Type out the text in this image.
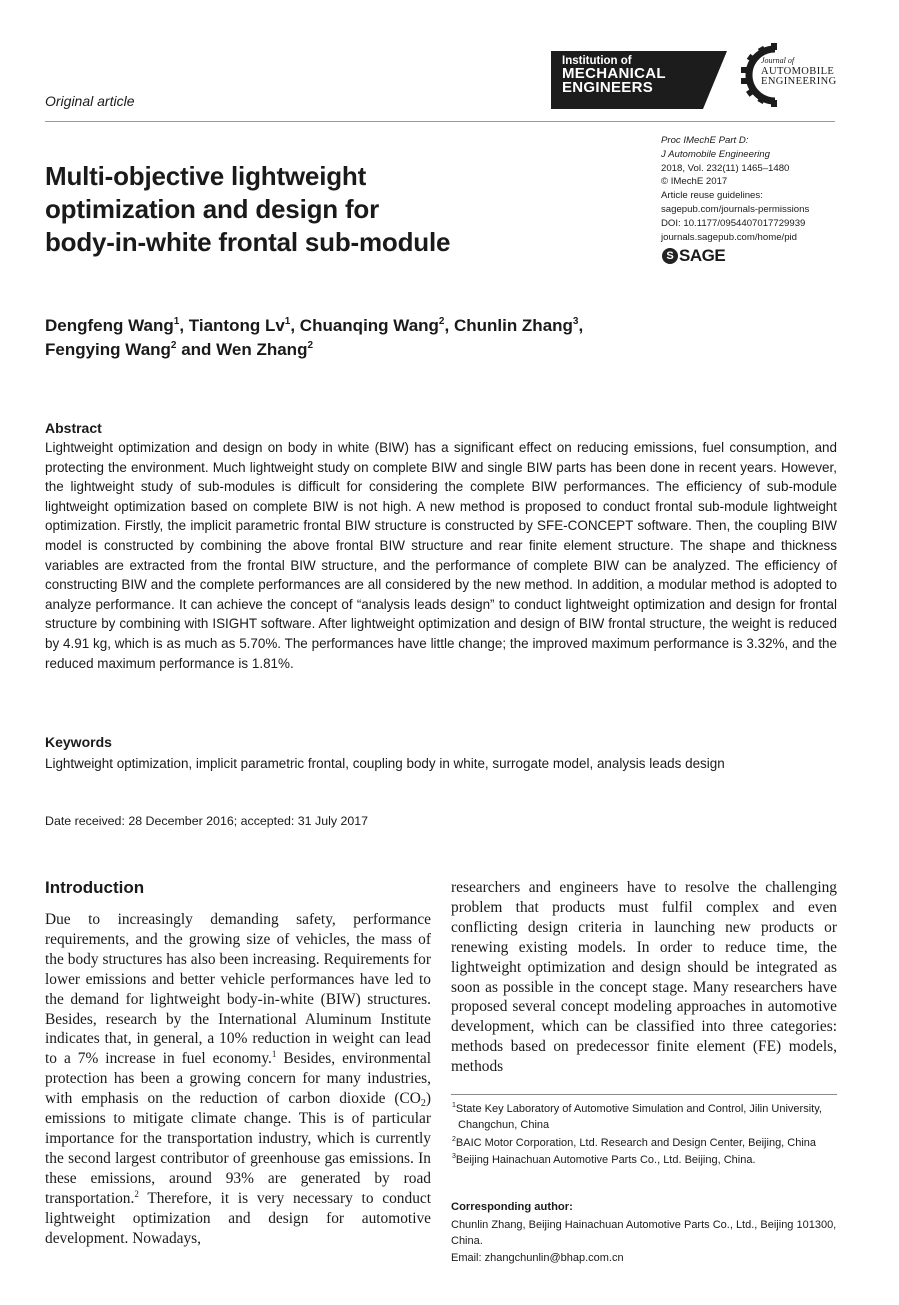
Original article
Institution of
MECHANICAL
ENGINEERS
Journal of
AUTOMOBILE
ENGINEERING
Proc IMechE Part D:
J Automobile Engineering
2018, Vol. 232(11) 1465–1480
© IMechE 2017
Article reuse guidelines:
sagepub.com/journals-permissions
DOI: 10.1177/0954407017729939
journals.sagepub.com/home/pid
S SAGE
Multi-objective lightweight
optimization and design for
body-in-white frontal sub-module
Dengfeng Wang$^1$, Tiantong Lv$^1$, Chuanqing Wang$^2$, Chunlin Zhang$^3$,
Fengying Wang$^2$ and Wen Zhang$^2$
Abstract
Lightweight optimization and design on body in white (BIW) has a significant effect on reducing emissions, fuel consumption, and protecting the environment. Much lightweight study on complete BIW and single BIW parts has been done in recent years. However, the lightweight study of sub-modules is difficult for considering the complete BIW performances. The efficiency of sub-module lightweight optimization based on complete BIW is not high. A new method is proposed to conduct frontal sub-module lightweight optimization. Firstly, the implicit parametric frontal BIW structure is constructed by SFE-CONCEPT software. Then, the coupling BIW model is constructed by combining the above frontal BIW structure and rear finite element structure. The shape and thickness variables are extracted from the frontal BIW structure, and the performance of complete BIW can be analyzed. The efficiency of constructing BIW and the complete performances are all considered by the new method. In addition, a modular method is adopted to analyze performance. It can achieve the concept of “analysis leads design” to conduct lightweight optimization and design for frontal structure by combining with ISIGHT software. After lightweight optimization and design of BIW frontal structure, the weight is reduced by 4.91 kg, which is as much as 5.70%. The performances have little change; the improved maximum performance is 3.32%, and the reduced maximum performance is 1.81%.
Keywords
Lightweight optimization, implicit parametric frontal, coupling body in white, surrogate model, analysis leads design
Date received: 28 December 2016; accepted: 31 July 2017
Introduction
Due to increasingly demanding safety, performance requirements, and the growing size of vehicles, the mass of the body structures has also been increasing. Requirements for lower emissions and better vehicle performances have led to the demand for lightweight body-in-white (BIW) structures. Besides, research by the International Aluminum Institute indicates that, in general, a 10% reduction in weight can lead to a 7% increase in fuel economy.$^1$ Besides, environmental protection has been a growing concern for many industries, with emphasis on the reduction of carbon dioxide $(CO_2)$ emissions to mitigate climate change. This is of particular importance for the transportation industry, which is currently the second largest contributor of greenhouse gas emissions. In these emissions, around 93% are generated by road transportation.$^2$ Therefore, it is very necessary to conduct lightweight optimization and design for automotive development. Nowadays,
researchers and engineers have to resolve the challenging problem that products must fulfil complex and even conflicting design criteria in launching new products or renewing existing models. In order to reduce time, the lightweight optimization and design should be integrated as soon as possible in the concept stage. Many researchers have proposed several concept modeling approaches in automotive development, which can be classified into three categories: methods based on predecessor finite element (FE) models, methods
$^1$State Key Laboratory of Automotive Simulation and Control, Jilin University, Changchun, China
$^2$BAIC Motor Corporation, Ltd. Research and Design Center, Beijing, China
$^3$Beijing Hainachuan Automotive Parts Co., Ltd. Beijing, China.
Corresponding author:
Chunlin Zhang, Beijing Hainachuan Automotive Parts Co., Ltd., Beijing 101300, China.
Email: zhangchunlin@bhap.com.cn
